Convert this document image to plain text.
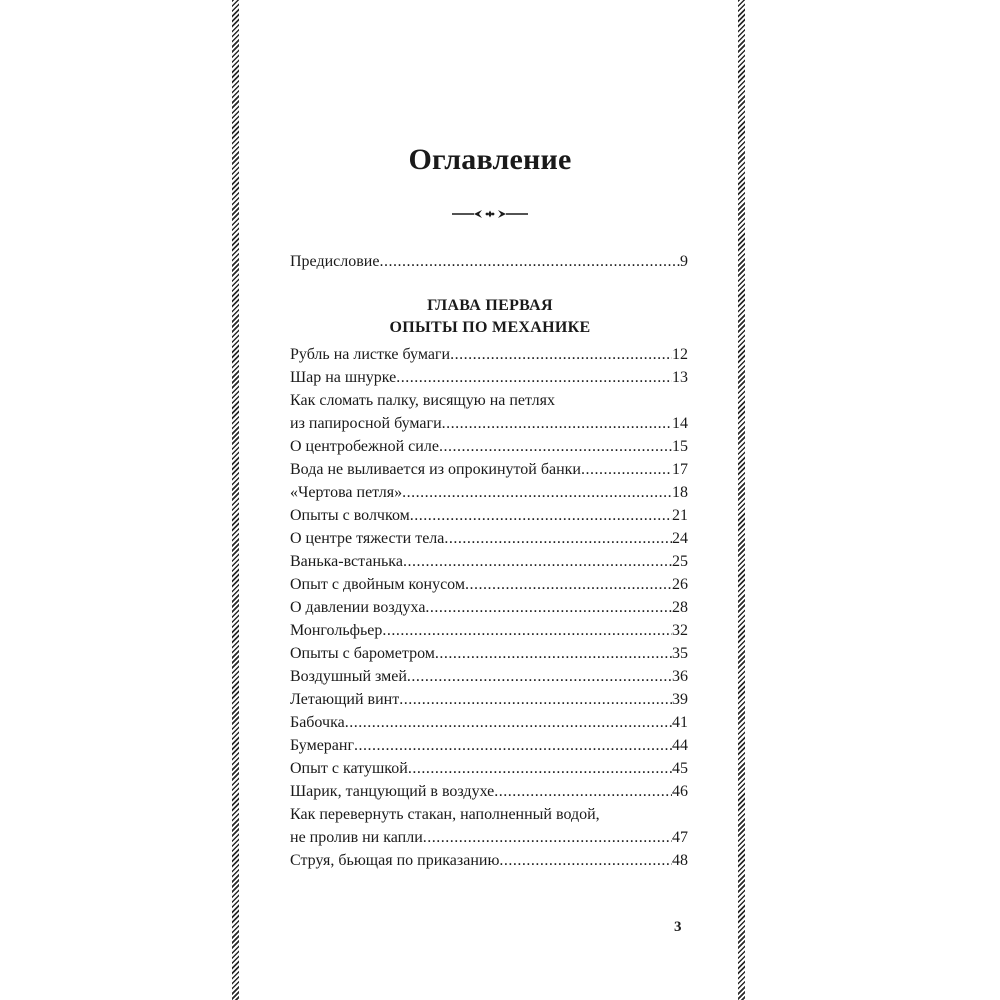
Оглавление
Предисловие .....	9
ГЛАВА ПЕРВАЯ
ОПЫТЫ ПО МЕХАНИКЕ
Рубль на листке бумаги .....	12
Шар на шнурке .....	13
Как сломать палку, висящую на петлях
из папиросной бумаги .....	14
О центробежной силе .....	15
Вода не выливается из опрокинутой банки .....	17
«Чертова петля» .....	18
Опыты с волчком .....	21
О центре тяжести тела .....	24
Ванька-встанька .....	25
Опыт с двойным конусом .....	26
О давлении воздуха .....	28
Монгольфьер .....	32
Опыты с барометром .....	35
Воздушный змей .....	36
Летающий винт .....	39
Бабочка .....	41
Бумеранг .....	44
Опыт с катушкой .....	45
Шарик, танцующий в воздухе .....	46
Как перевернуть стакан, наполненный водой,
не пролив ни капли .....	47
Струя, бьющая по приказанию .....	48
3
